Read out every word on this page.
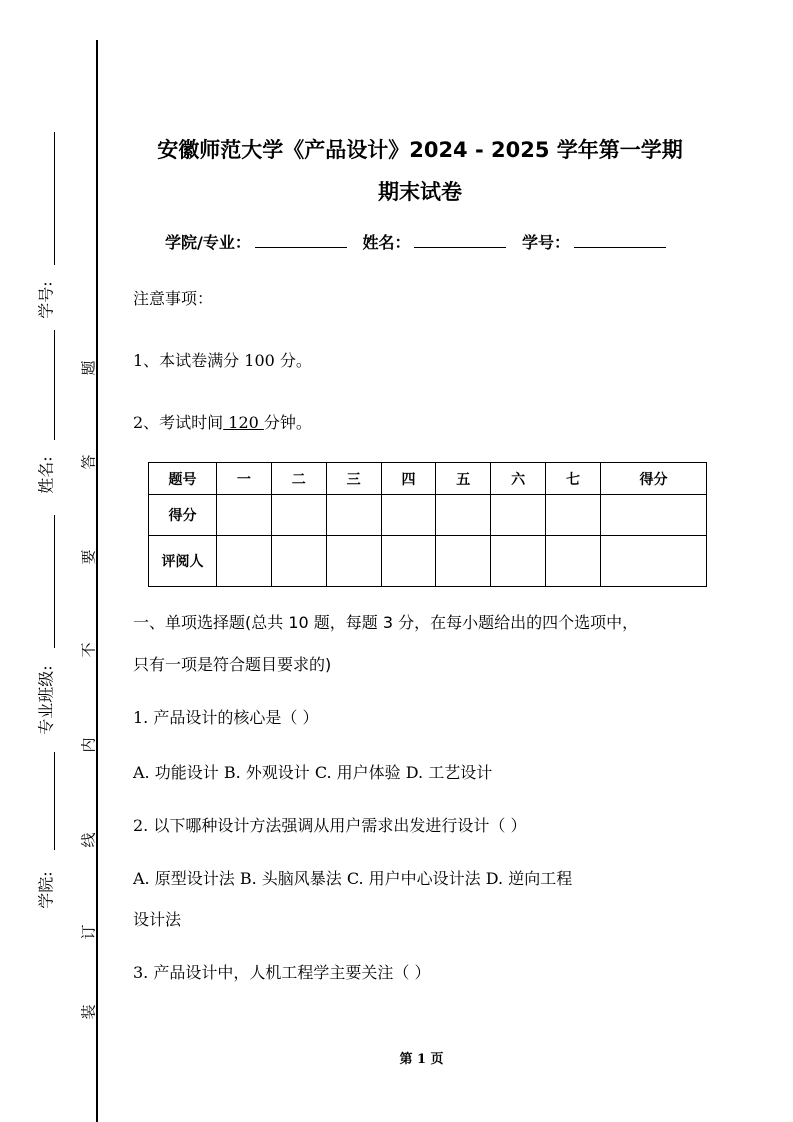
学号:
姓名:
专业班级:
学院:
题
答
要
不
内
线
订
装
安徽师范大学《产品设计》2024 - 2025 学年第一学期
期末试卷
学院/专业：	姓名：	学号：
注意事项：
1、本试卷满分 100 分。
2、考试时间 120 分钟。
题号	一	二	三	四	五	六	七	得分
得分								
评阅人								
一、单项选择题(总共 10 题，每题 3 分，在每小题给出的四个选项中，
只有一项是符合题目要求的)
1. 产品设计的核心是（ ）
A. 功能设计 B. 外观设计 C. 用户体验 D. 工艺设计
2. 以下哪种设计方法强调从用户需求出发进行设计（ ）
A. 原型设计法 B. 头脑风暴法 C. 用户中心设计法 D. 逆向工程
设计法
3. 产品设计中，人机工程学主要关注（ ）
第 1 页
